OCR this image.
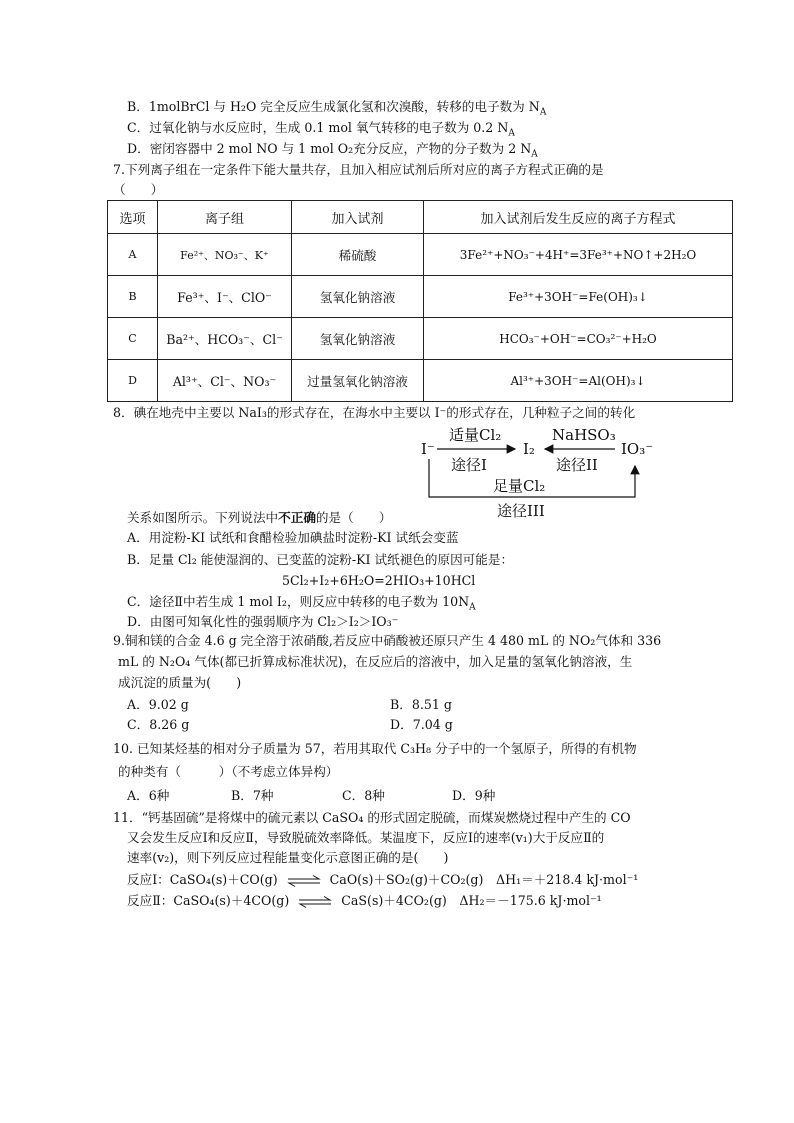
B．1molBrCl 与 H₂O 完全反应生成氯化氢和次溴酸，转移的电子数为 $N_A$
C．过氧化钠与水反应时，生成 0.1 mol 氧气转移的电子数为 0.2 $N_A$
D．密闭容器中 2 mol NO 与 1 mol O₂充分反应，产物的分子数为 2 $N_A$
7.下列离子组在一定条件下能大量共存，且加入相应试剂后所对应的离子方程式正确的是
（　　）
选项	离子组	加入试剂	加入试剂后发生反应的离子方程式
A	Fe²⁺、NO₃⁻、K⁺	稀硫酸	3Fe²⁺+NO₃⁻+4H⁺=3Fe³⁺+NO↑+2H₂O
B	Fe³⁺、I⁻、ClO⁻	氢氧化钠溶液	Fe³⁺+3OH⁻=Fe(OH)₃↓
C	Ba²⁺、HCO₃⁻、Cl⁻	氢氧化钠溶液	HCO₃⁻+OH⁻=CO₃²⁻+H₂O
D	Al³⁺、Cl⁻、NO₃⁻	过量氢氧化钠溶液	Al³⁺+3OH⁻=Al(OH)₃↓
8．碘在地壳中主要以 NaI₃的形式存在，在海水中主要以 I⁻的形式存在，几种粒子之间的转化
I⁻	I₂	IO₃⁻
适量Cl₂
途径I
NaHSO₃
途径II
足量Cl₂
途径III
关系如图所示。下列说法中不正确的是（　　）
A．用淀粉-KI 试纸和食醋检验加碘盐时淀粉-KI 试纸会变蓝
B．足量 Cl₂ 能使湿润的、已变蓝的淀粉-KI 试纸褪色的原因可能是：
5Cl₂+I₂+6H₂O=2HIO₃+10HCl
C．途径Ⅱ中若生成 1 mol I₂，则反应中转移的电子数为 $10N_A$
D．由图可知氧化性的强弱顺序为 Cl₂＞I₂＞IO₃⁻
9.铜和镁的合金 4.6 g 完全溶于浓硝酸,若反应中硝酸被还原只产生 4 480 mL 的 NO₂气体和 336
mL 的 N₂O₄ 气体(都已折算成标准状况)，在反应后的溶液中，加入足量的氢氧化钠溶液，生
成沉淀的质量为(　　)
A．9.02 g	B．8.51 g
C．8.26 g	D．7.04 g
10. 已知某烃基的相对分子质量为 57，若用其取代 C₃H₈ 分子中的一个氢原子，所得的有机物
的种类有（　　　）（不考虑立体异构）
A．6种	B．7种	C．8种	D．9种
11．“钙基固硫”是将煤中的硫元素以 CaSO₄ 的形式固定脱硫，而煤炭燃烧过程中产生的 CO
又会发生反应Ⅰ和反应Ⅱ，导致脱硫效率降低。某温度下，反应Ⅰ的速率(v₁)大于反应Ⅱ的
速率(v₂)，则下列反应过程能量变化示意图正确的是(　　)
反应Ⅰ：CaSO₄(s)＋CO(g) ⇌ CaO(s)＋SO₂(g)＋CO₂(g)　ΔH₁＝＋218.4 kJ·mol⁻¹
反应Ⅱ：CaSO₄(s)＋4CO(g) ⇌ CaS(s)＋4CO₂(g)　ΔH₂＝－175.6 kJ·mol⁻¹
